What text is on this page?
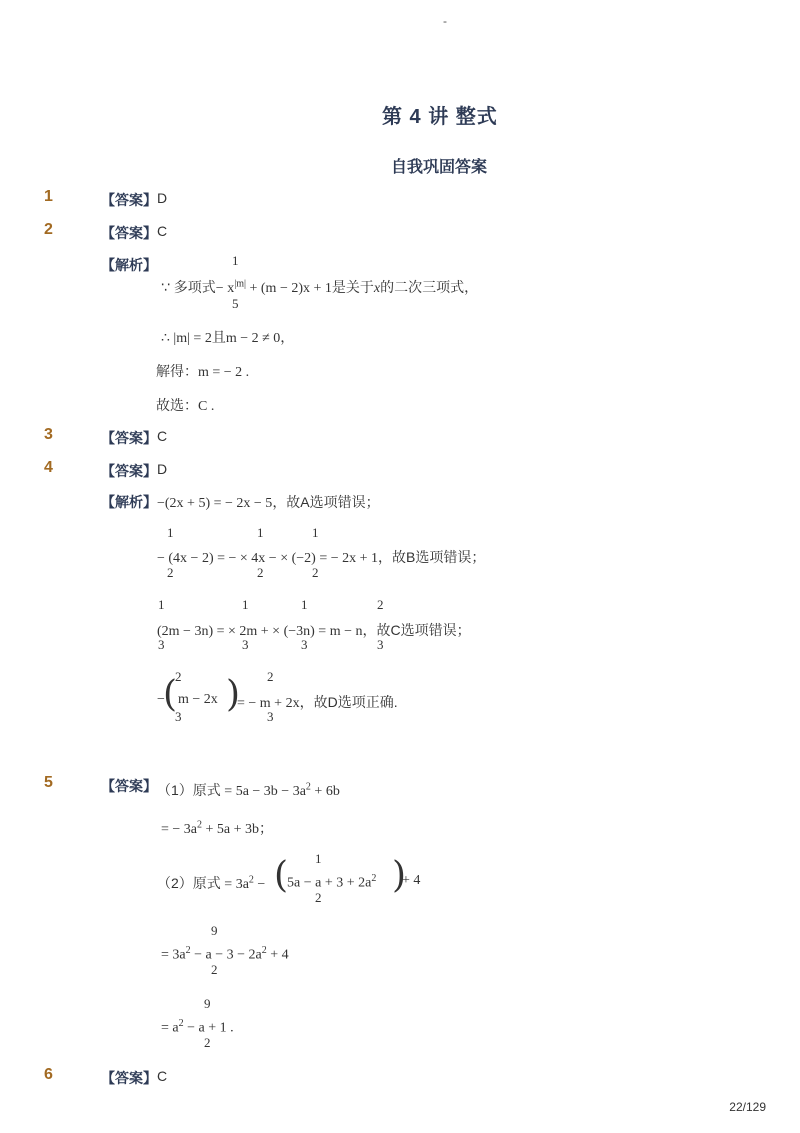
-
第 4 讲 整式
自我巩固答案
1	【答案】 D
2	【答案】 C
【解析】	1
5
∵ 多项式− $x^{|m|} + (m - 2)x + 1$是关于x的二次三项式，
∴ |m| = 2且m − 2 ≠ 0，
解得：m = − 2 .
故选：C .
3	【答案】 C
4	【答案】 D
【解析】 −(2x + 5) = − 2x − 5，故A选项错误；
1
2
1
2
1
2
− (4x − 2) = − × 4x − × (−2) = − 2x + 1，故B选项错误；
1
3
1
3
1
3
2
3
(2m − 3n) = × 2m + × (−3n) = m − n，故C选项错误；
2
3
2
3
−
( m − 2x )
= − m + 2x，故D选项正确.
5	【答案】 （1）原式 = $5a - 3b - 3a^2 + 6b$
= − $3a^2 + 5a + 3b$；
1
2
（2）原式 = $3a^2$ − (
$5a - a + 3 + 2a^2$ )
+ 4
9
2
= $3a^2 - a - 3 - 2a^2 + 4$
9
2
= $a^2 - a + 1$ .
6	【答案】 C
22/129
